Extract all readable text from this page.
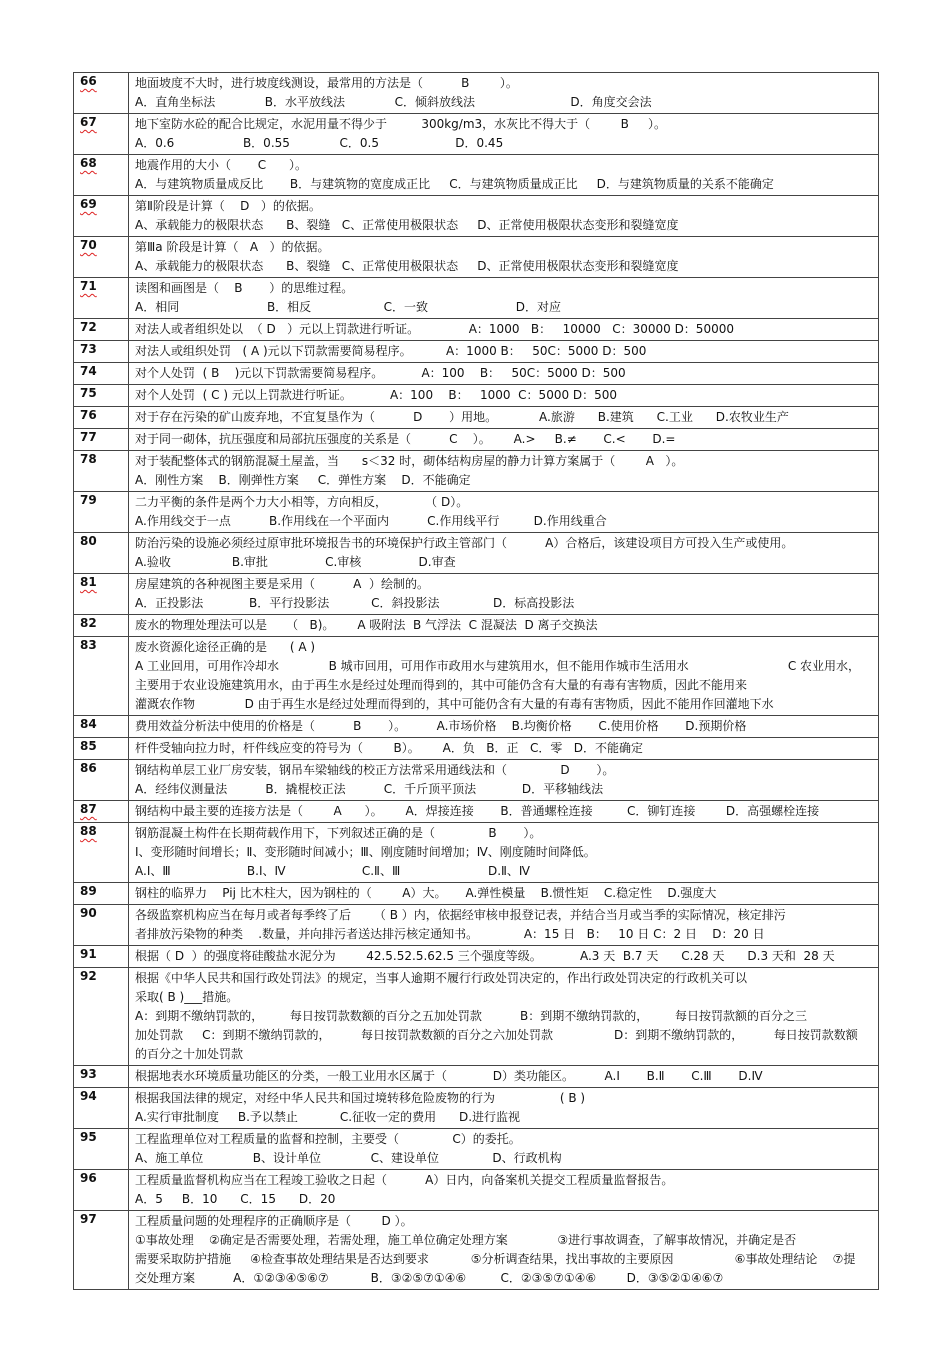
66	地面坡度不大时，进行坡度线测设，最常用的方法是（          B        ）。
A．直角坐标法             B．水平放线法             C．倾斜放线法                         D．角度交会法

67	地下室防水砼的配合比规定，水泥用量不得少于         300kg/m3，水灰比不得大于（        B     ）。
A．0.6                  B．0.55             C．0.5                    D．0.45

68	地震作用的大小（       C      ）。
A．与建筑物质量成反比       B．与建筑物的宽度成正比     C．与建筑物质量成正比     D．与建筑物质量的关系不能确定

69	第Ⅱ阶段是计算（    D   ）的依据。
A、承载能力的极限状态      B、裂缝   C、正常使用极限状态     D、正常使用极限状态变形和裂缝宽度

70	第Ⅲa 阶段是计算（   A   ）的依据。
A、承载能力的极限状态      B、裂缝   C、正常使用极限状态     D、正常使用极限状态变形和裂缝宽度

71	读图和画图是（    B       ）的思维过程。
A．相同                       B．相反                   C．一致                       D．对应

72	对法人或者组织处以  （ D   ）元以上罚款进行听证。             A：1000   B：   10000   C：30000 D：50000

73	对法人或组织处罚   ( A )元以下罚款需要简易程序。         A：1000 B：   50C：5000 D：500

74	对个人处罚  ( B    )元以下罚款需要简易程序。          A：100    B：   50C：5000 D：500

75	对个人处罚  ( C ) 元以上罚款进行听证。          A：100    B：   1000  C：5000 D：500

76	对于存在污染的矿山废弃地，不宜复垦作为（          D       ）用地。           A.旅游      B.建筑      C.工业      D.农牧业生产

77	对于同一砌体，抗压强度和局部抗压强度的关系是（          C    ）。      A.>     B.≠       C.<       D.=

78	对于装配整体式的钢筋混凝土屋盖，当      s＜32 时，砌体结构房屋的静力计算方案属于（        A   ）。
A．刚性方案    B．刚弹性方案     C．弹性方案    D．不能确定

79	二力平衡的条件是两个力大小相等，方向相反，          （ D）。
A.作用线交于一点          B.作用线在一个平面内          C.作用线平行         D.作用线重合

80	防治污染的设施必须经过原审批环境报告书的环境保护行政主管部门（          A）合格后，该建设项目方可投入生产或使用。
A.验收                B.审批               C.审核               D.审查

81	房屋建筑的各种视图主要是采用（          A  ）绘制的。
A．正投影法            B．平行投影法           C．斜投影法              D．标高投影法

82	废水的物理处理法可以是     （   B)。      A 吸附法  B 气浮法  C 混凝法  D 离子交换法

83	废水资源化途径正确的是      ( A )
A 工业回用，可用作冷却水             B 城市回用，可用作市政用水与建筑用水，但不能用作城市生活用水                          C 农业用水，
主要用于农业设施建筑用水，由于再生水是经过处理而得到的，其中可能仍含有大量的有毒有害物质，因此不能用来
灌溉农作物             D 由于再生水是经过处理而得到的，其中可能仍含有大量的有毒有害物质，因此不能用作回灌地下水

84	费用效益分析法中使用的价格是（          B       ）。        A.市场价格    B.均衡价格       C.使用价格       D.预期价格

85	杆件受轴向拉力时，杆件线应变的符号为（        B）。      A．负   B．正   C．零   D．不能确定

86	钢结构单层工业厂房安装，钢吊车梁轴线的校正方法常采用通线法和（              D       ）。
A．经纬仪测量法          B．撬棍校正法          C．千斤顶平顶法            D．平移轴线法

87	钢结构中最主要的连接方法是（        A      ）。      A．焊接连接       B．普通螺栓连接         C．铆钉连接        D．高强螺栓连接

88	钢筋混凝土构件在长期荷载作用下，下列叙述正确的是（              B       ）。
Ⅰ、变形随时间增长；Ⅱ、变形随时间减小；Ⅲ、刚度随时间增加；Ⅳ、刚度随时间降低。
A.Ⅰ、Ⅲ                    B.Ⅰ、Ⅳ                    C.Ⅱ、Ⅲ                       D.Ⅱ、Ⅳ

89	钢柱的临界力    Pij 比木柱大，因为钢柱的（        A）大。     A.弹性模量    B.惯性矩    C.稳定性    D.强度大

90	各级监察机构应当在每月或者每季终了后      （ B ）内，依据经审核申报登记表，并结合当月或当季的实际情况，核定排污
者排放污染物的种类    .数量，并向排污者送达排污核定通知书。            A：15 日   B：   10 日 C：2 日    D：20 日

91	根据（ D  ）的强度将硅酸盐水泥分为        42.5.52.5.62.5 三个强度等级。          A.3 天  B.7 天      C.28 天      D.3 天和  28 天

92	根据《中华人民共和国行政处罚法》的规定，当事人逾期不履行行政处罚决定的，作出行政处罚决定的行政机关可以
采取( B )___措施。
A：到期不缴纳罚款的，       每日按罚款数额的百分之五加处罚款          B：到期不缴纳罚款的，       每日按罚款额的百分之三
加处罚款     C：到期不缴纳罚款的，        每日按罚款数额的百分之六加处罚款                D：到期不缴纳罚款的，        每日按罚款数额
的百分之十加处罚款

93	根据地表水环境质量功能区的分类，一般工业用水区属于（            D）类功能区。        A.Ⅰ       B.Ⅱ       C.Ⅲ       D.Ⅳ

94	根据我国法律的规定，对经中华人民共和国过境转移危险废物的行为                 ( B )
A.实行审批制度     B.予以禁止           C.征收一定的费用      D.进行监视

95	工程监理单位对工程质量的监督和控制，主要受（              C）的委托。
A、施工单位             B、设计单位             C、建设单位              D、行政机构

96	工程质量监督机构应当在工程竣工验收之日起（          A）日内，向备案机关提交工程质量监督报告。
A．5     B．10      C．15      D．20

97	工程质量问题的处理程序的正确顺序是（        D ）。
①事故处理    ②确定是否需要处理，若需处理，施工单位确定处理方案             ③进行事故调查，了解事故情况，并确定是否
需要采取防护措施     ④检查事故处理结果是否达到要求           ⑤分析调查结果，找出事故的主要原因                ⑥事故处理结论    ⑦提
交处理方案          A．①②③④⑤⑥⑦           B．③②⑤⑦①④⑥         C．②③⑤⑦①④⑥        D．③⑤②①④⑥⑦
